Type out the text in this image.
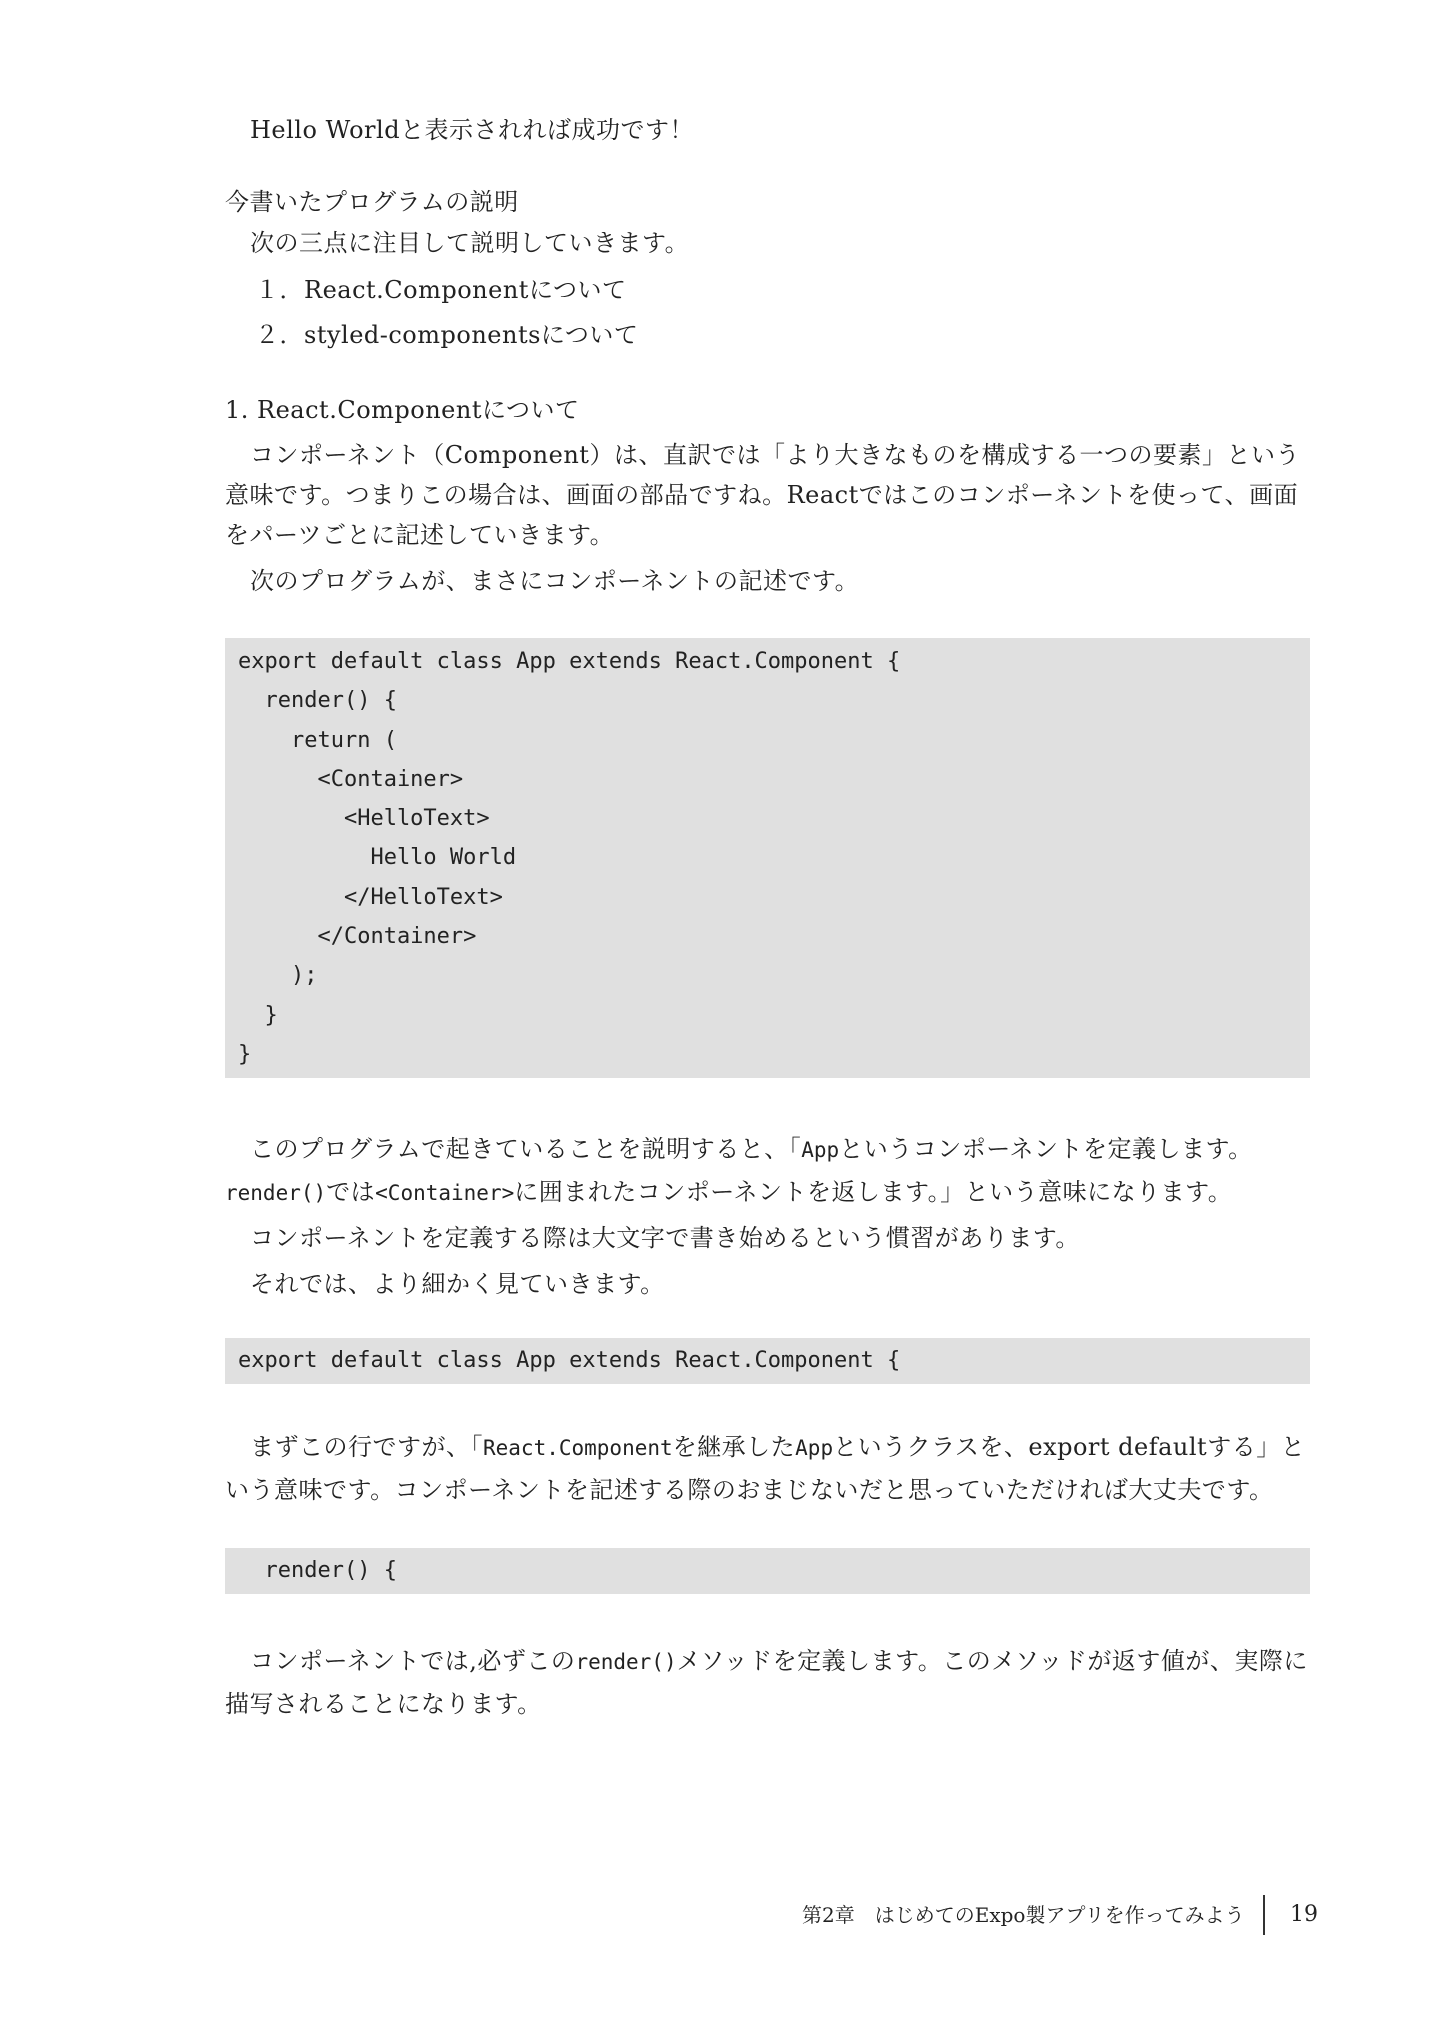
Hello Worldと表示されれば成功です！
今書いたプログラムの説明
次の三点に注目して説明していきます。
１．React.Componentについて
２．styled-componentsについて
1. React.Componentについて
コンポーネント（Component）は、直訳では「より大きなものを構成する一つの要素」という意味です。つまりこの場合は、画面の部品ですね。Reactではこのコンポーネントを使って、画面をパーツごとに記述していきます。
次のプログラムが、まさにコンポーネントの記述です。
export default class App extends React.Component {
render() {
return (
<Container>
<HelloText>
Hello World
</HelloText>
</Container>
);
}
}
このプログラムで起きていることを説明すると、「Appというコンポーネントを定義します。render()では<Container>に囲まれたコンポーネントを返します。」という意味になります。
コンポーネントを定義する際は大文字で書き始めるという慣習があります。
それでは、より細かく見ていきます。
export default class App extends React.Component {
まずこの行ですが、「React.Componentを継承したAppというクラスを、export defaultする」という意味です。コンポーネントを記述する際のおまじないだと思っていただければ大丈夫です。
render() {
コンポーネントでは,必ずこのrender()メソッドを定義します。このメソッドが返す値が、実際に描写されることになります。
第2章　はじめてのExpo製アプリを作ってみよう 19
